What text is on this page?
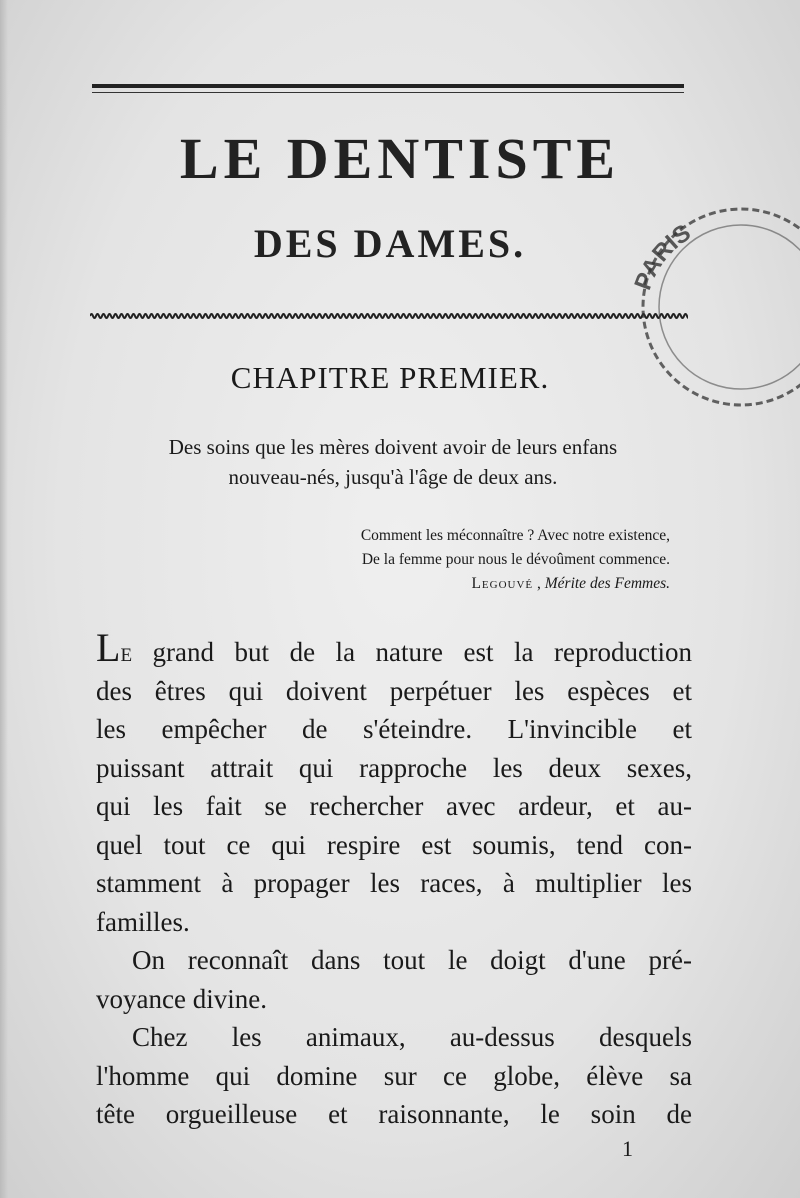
LE DENTISTE
DES DAMES.
CHAPITRE PREMIER.
Des soins que les mères doivent avoir de leurs enfans
nouveau-nés, jusqu'à l'âge de deux ans.
Comment les méconnaître ? Avec notre existence,
De la femme pour nous le dévoûment commence.
Legouvé , Mérite des Femmes.
Le grand but de la nature est la reproduction
des êtres qui doivent perpétuer les espèces et
les empêcher de s'éteindre. L'invincible et
puissant attrait qui rapproche les deux sexes,
qui les fait se rechercher avec ardeur, et au-
quel tout ce qui respire est soumis, tend con-
stamment à propager les races, à multiplier les
familles.
On reconnaît dans tout le doigt d'une pré-
voyance divine.
Chez les animaux, au-dessus desquels
l'homme qui domine sur ce globe, élève sa
tête orgueilleuse et raisonnante, le soin de
1
PARIS
